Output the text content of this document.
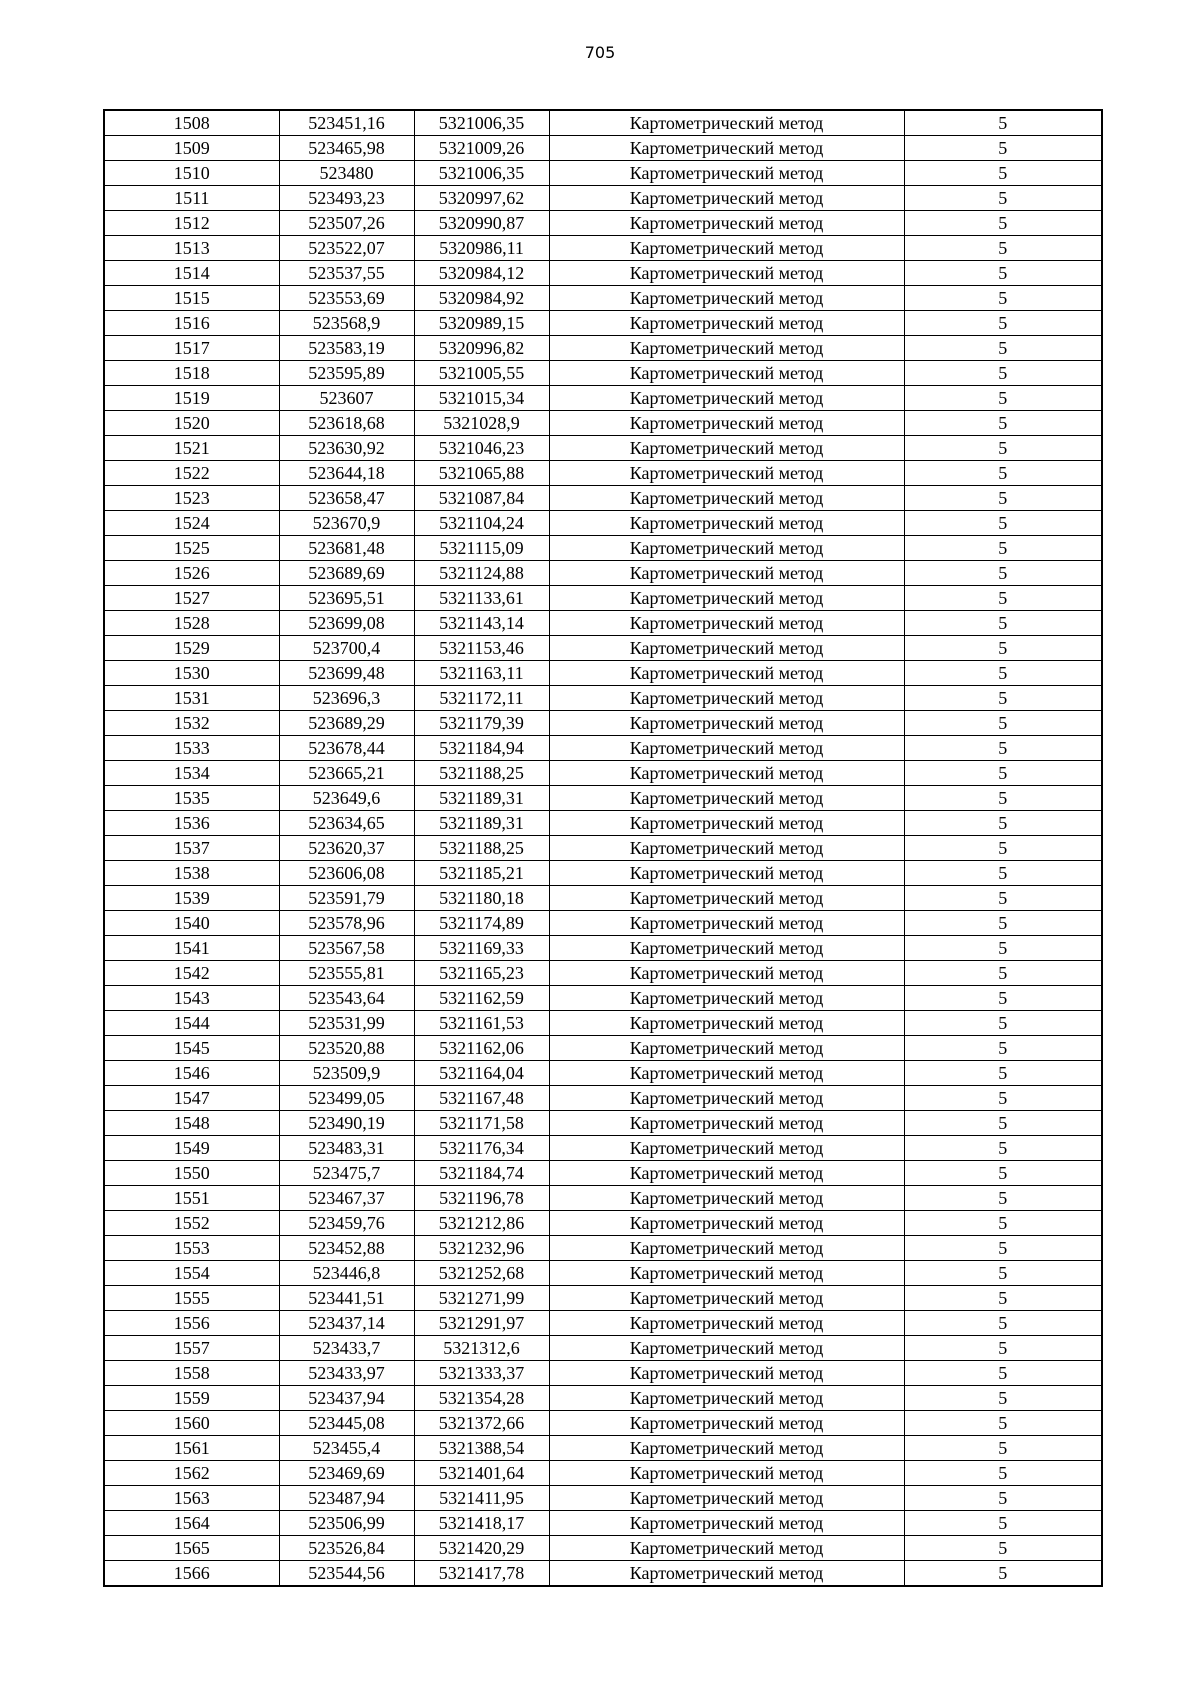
705
1508	523451,16	5321006,35	Картометрический метод	5
1509	523465,98	5321009,26	Картометрический метод	5
1510	523480	5321006,35	Картометрический метод	5
1511	523493,23	5320997,62	Картометрический метод	5
1512	523507,26	5320990,87	Картометрический метод	5
1513	523522,07	5320986,11	Картометрический метод	5
1514	523537,55	5320984,12	Картометрический метод	5
1515	523553,69	5320984,92	Картометрический метод	5
1516	523568,9	5320989,15	Картометрический метод	5
1517	523583,19	5320996,82	Картометрический метод	5
1518	523595,89	5321005,55	Картометрический метод	5
1519	523607	5321015,34	Картометрический метод	5
1520	523618,68	5321028,9	Картометрический метод	5
1521	523630,92	5321046,23	Картометрический метод	5
1522	523644,18	5321065,88	Картометрический метод	5
1523	523658,47	5321087,84	Картометрический метод	5
1524	523670,9	5321104,24	Картометрический метод	5
1525	523681,48	5321115,09	Картометрический метод	5
1526	523689,69	5321124,88	Картометрический метод	5
1527	523695,51	5321133,61	Картометрический метод	5
1528	523699,08	5321143,14	Картометрический метод	5
1529	523700,4	5321153,46	Картометрический метод	5
1530	523699,48	5321163,11	Картометрический метод	5
1531	523696,3	5321172,11	Картометрический метод	5
1532	523689,29	5321179,39	Картометрический метод	5
1533	523678,44	5321184,94	Картометрический метод	5
1534	523665,21	5321188,25	Картометрический метод	5
1535	523649,6	5321189,31	Картометрический метод	5
1536	523634,65	5321189,31	Картометрический метод	5
1537	523620,37	5321188,25	Картометрический метод	5
1538	523606,08	5321185,21	Картометрический метод	5
1539	523591,79	5321180,18	Картометрический метод	5
1540	523578,96	5321174,89	Картометрический метод	5
1541	523567,58	5321169,33	Картометрический метод	5
1542	523555,81	5321165,23	Картометрический метод	5
1543	523543,64	5321162,59	Картометрический метод	5
1544	523531,99	5321161,53	Картометрический метод	5
1545	523520,88	5321162,06	Картометрический метод	5
1546	523509,9	5321164,04	Картометрический метод	5
1547	523499,05	5321167,48	Картометрический метод	5
1548	523490,19	5321171,58	Картометрический метод	5
1549	523483,31	5321176,34	Картометрический метод	5
1550	523475,7	5321184,74	Картометрический метод	5
1551	523467,37	5321196,78	Картометрический метод	5
1552	523459,76	5321212,86	Картометрический метод	5
1553	523452,88	5321232,96	Картометрический метод	5
1554	523446,8	5321252,68	Картометрический метод	5
1555	523441,51	5321271,99	Картометрический метод	5
1556	523437,14	5321291,97	Картометрический метод	5
1557	523433,7	5321312,6	Картометрический метод	5
1558	523433,97	5321333,37	Картометрический метод	5
1559	523437,94	5321354,28	Картометрический метод	5
1560	523445,08	5321372,66	Картометрический метод	5
1561	523455,4	5321388,54	Картометрический метод	5
1562	523469,69	5321401,64	Картометрический метод	5
1563	523487,94	5321411,95	Картометрический метод	5
1564	523506,99	5321418,17	Картометрический метод	5
1565	523526,84	5321420,29	Картометрический метод	5
1566	523544,56	5321417,78	Картометрический метод	5
